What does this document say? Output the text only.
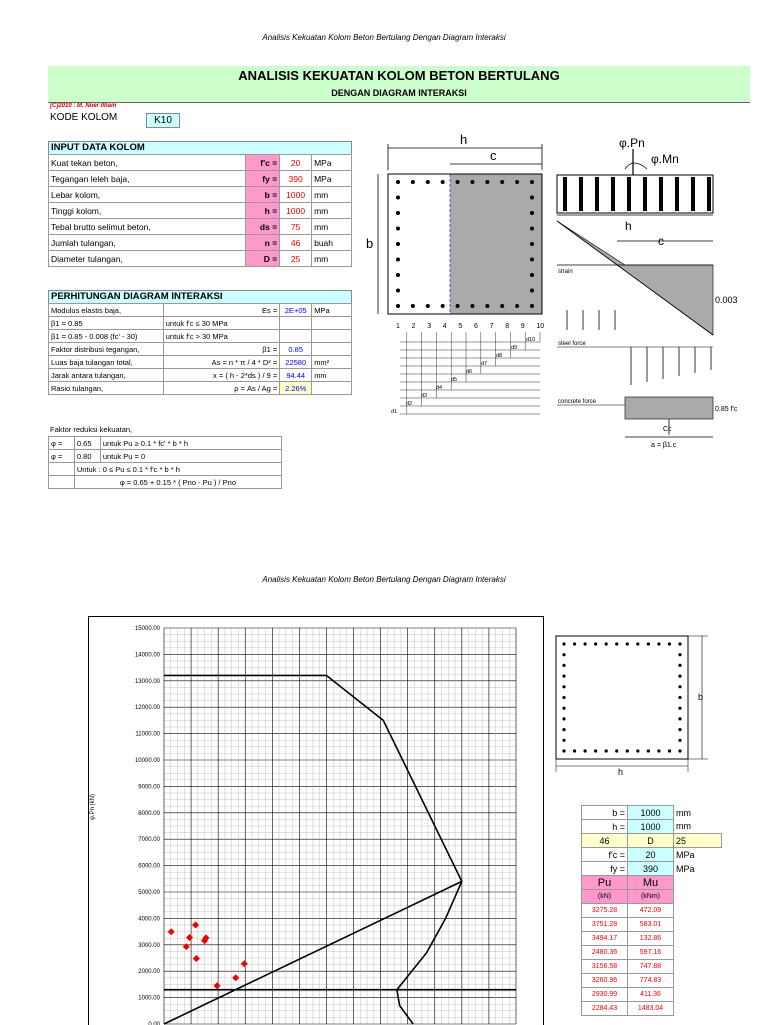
Analisis Kekuatan Kolom Beton Bertulang Dengan Diagram Interaksi
ANALISIS KEKUATAN KOLOM BETON BERTULANG
DENGAN DIAGRAM INTERAKSI
[C]2010 : M. Noer Ilham
KODE KOLOM	K10
INPUT DATA KOLOM
Kuat tekan beton,	f'c =	20	MPa
Tegangan leleh baja,	fy =	390	MPa
Lebar kolom,	b =	1000	mm
Tinggi kolom,	h =	1000	mm
Tebal brutto selimut beton,	ds =	75	mm
Jumlah tulangan,	n =	46	buah
Diameter tulangan,	D =	25	mm
PERHITUNGAN DIAGRAM INTERAKSI
Modulus elastis baja,	Es =	2E+05	MPa
β1 = 0.85	untuk f'c ≤ 30 MPa		
β1 = 0.85 - 0.008 (fc' - 30)	untuk f'c > 30 MPa		
Faktor distribusi tegangan,	β1 =	0.85	
Luas baja tulangan total,	As = n * π / 4 * D² =	22580	mm²
Jarak antara tulangan,	x = ( h - 2*ds ) / 9 =	94.44	mm
Rasio tulangan,	ρ = As / Ag =	2.26%	
Faktor reduksi kekuatan,
φ =	0.65	untuk Pu ≥ 0.1 * fc' * b * h
φ =	0.80	untuk Pu = 0
	Untuk : 0 ≤ Pu ≤ 0.1 * f'c * b * h	
	φ = 0.65 + 0.15 * ( Pno - Pu ) / Pno	
h
c
b
1 2 3 4 5 6 7 8 9 10
d10
d9
d8
d7
d6
d5
d4
d3
d2
d1
φ.Pn
φ.Mn
h
c
strain
0.003
steel force
concrete force
0.85 f'c
Cc
a = β1.c
Analisis Kekuatan Kolom Beton Bertulang Dengan Diagram Interaksi
φ.Pn (kN)
15000.00
14000.00
13000.00
12000.00
11000.00
10000.00
9000.00
8000.00
7000.00
6000.00
5000.00
4000.00
3000.00
2000.00
1000.00
0.00
b
h
b =	1000	mm
h =	1000	mm
46	D	25
f'c =	20	MPa
fy =	390	MPa
Pu	Mu	
(kN)	(kNm)	
3275.28	472.09	
3751.28	583.01	
3494.17	132.86	
2480.36	597.16	
3156.58	747.88	
3260.96	774.83	
2930.99	411.36	
2284.43	1483.04	
